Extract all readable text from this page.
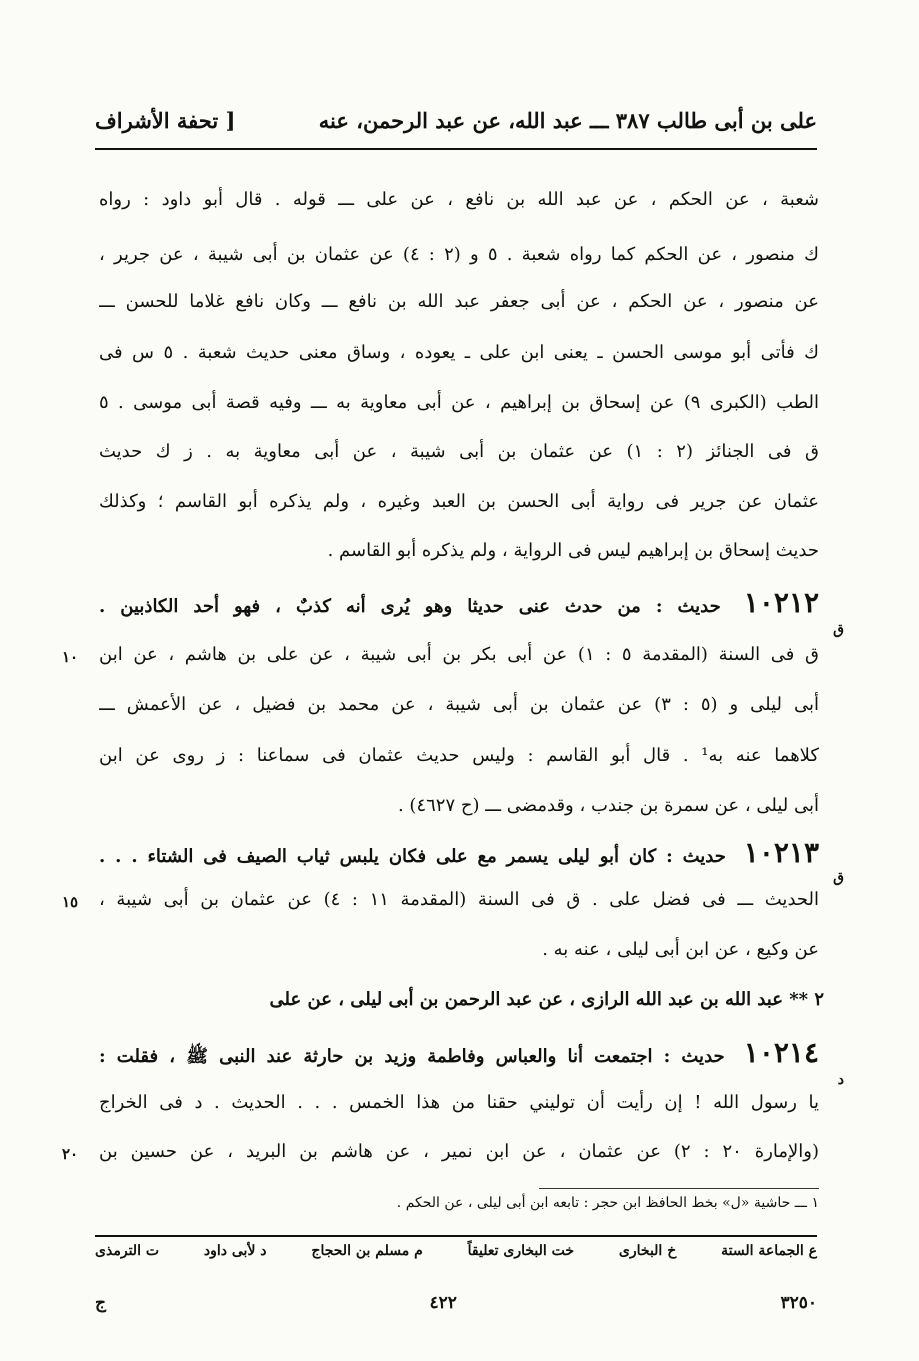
على بن أبى طالب ٣٨٧ ـــ عبد الله، عن عبد الرحمن، عنه
[ تحفة الأشراف
شعبة ، عن الحكم ، عن عبد الله بن نافع ، عن على ـــ قوله . قال أبو داود : رواه
ك منصور ، عن الحكم كما رواه شعبة . ٥ و (٢ : ٤) عن عثمان بن أبى شيبة ، عن جرير ،
عن منصور ، عن الحكم ، عن أبى جعفر عبد الله بن نافع ـــ وكان نافع غلاما للحسن ـــ
ك فأتى أبو موسى الحسن ـ يعنى ابن على ـ يعوده ، وساق معنى حديث شعبة . ٥ س فى
الطب (الكبرى ٩) عن إسحاق بن إبراهيم ، عن أبى معاوية به ـــ وفيه قصة أبى موسى . ٥
ق فى الجنائز (٢ : ١) عن عثمان بن أبى شيبة ، عن أبى معاوية به . ز ك حديث
عثمان عن جرير فى رواية أبى الحسن بن العبد وغيره ، ولم يذكره أبو القاسم ؛ وكذلك
حديث إسحاق بن إبراهيم ليس فى الرواية ، ولم يذكره أبو القاسم .
١٠٢١٢ حديث : من حدث عنى حديثا وهو يُرى أنه كذبٌ ، فهو أحد الكاذبين .
ق
ق فى السنة (المقدمة ٥ : ١) عن أبى بكر بن أبى شيبة ، عن على بن هاشم ، عن ابن
١٠
أبى ليلى و (٥ : ٣) عن عثمان بن أبى شيبة ، عن محمد بن فضيل ، عن الأعمش ـــ
كلاهما عنه به¹ . قال أبو القاسم : وليس حديث عثمان فى سماعنا : ز روى عن ابن
أبى ليلى ، عن سمرة بن جندب ، وقدمضى ـــ (ح ٤٦٢٧) .
١٠٢١٣ حديث : كان أبو ليلى يسمر مع على فكان يلبس ثياب الصيف فى الشتاء . . .
ق
الحديث ـــ فى فضل على . ق فى السنة (المقدمة ١١ : ٤) عن عثمان بن أبى شيبة ،
١٥
عن وكيع ، عن ابن أبى ليلى ، عنه به .
٢ ** عبد الله بن عبد الله الرازى ، عن عبد الرحمن بن أبى ليلى ، عن على
١٠٢١٤ حديث : اجتمعت أنا والعباس وفاطمة وزيد بن حارثة عند النبى ﷺ ، فقلت :
د
يا رسول الله ! إن رأيت أن توليني حقنا من هذا الخمس . . . الحديث . د فى الخراج
(والإمارة ٢٠ : ٢) عن عثمان ، عن ابن نمير ، عن هاشم بن البريد ، عن حسين بن
٢٠
١ ـــ حاشية «ل» بخط الحافظ ابن حجر : تابعه ابن أبى ليلى ، عن الحكم .
ع الجماعة الستة
خ البخارى
خت البخارى تعليقاً
م مسلم بن الحجاج
د لأبى داود
ت الترمذى
٣٢٥٠
٤٢٢
ج
